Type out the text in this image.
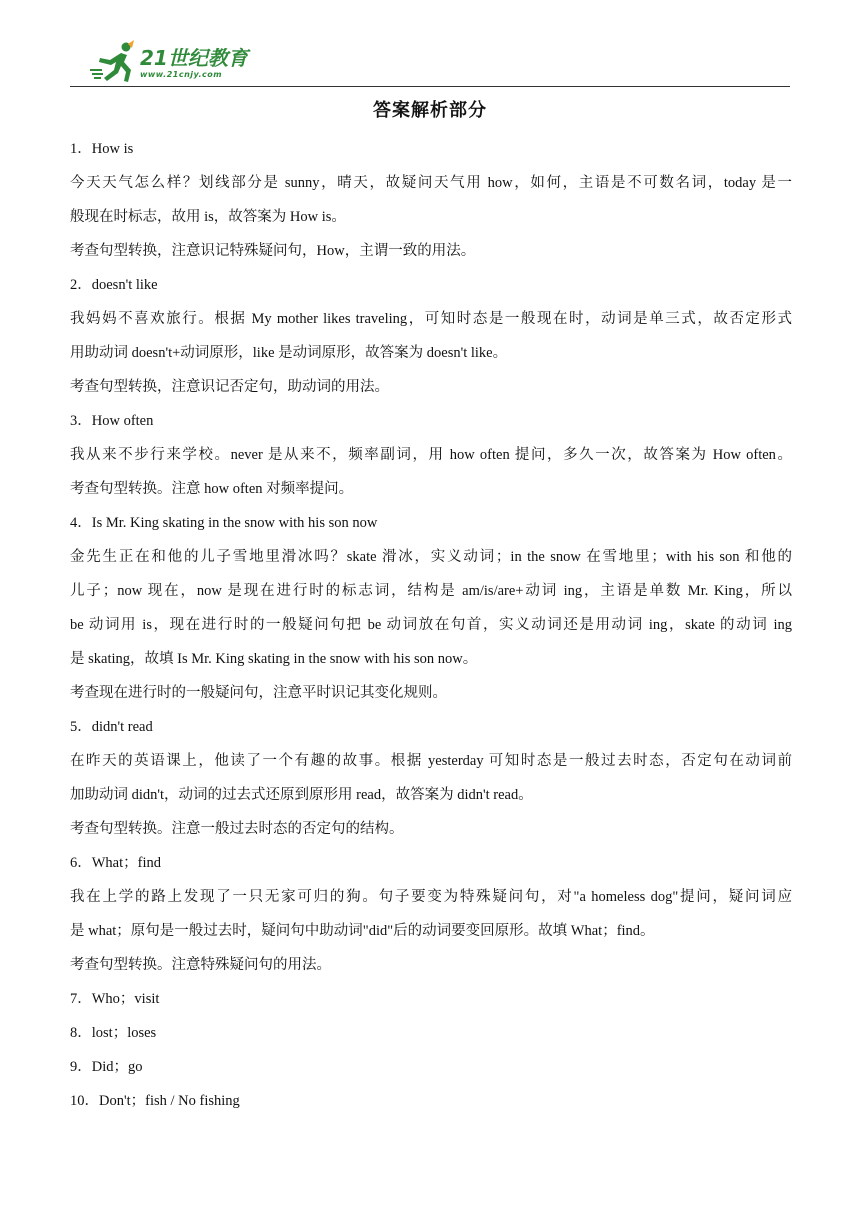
21世纪教育
www.21cnjy.com
答案解析部分
1．How is
今天天气怎么样？划线部分是 sunny，晴天，故疑问天气用 how，如何，主语是不可数名词，today 是一
般现在时标志，故用 is，故答案为 How is。
考查句型转换，注意识记特殊疑问句，How，主谓一致的用法。
2．doesn't like
我妈妈不喜欢旅行。根据 My mother likes traveling，可知时态是一般现在时，动词是单三式，故否定形式
用助动词 doesn't+动词原形，like 是动词原形，故答案为 doesn't like。
考查句型转换，注意识记否定句，助动词的用法。
3．How often
我从来不步行来学校。never 是从来不，频率副词，用 how often 提问，多久一次，故答案为 How often。
考查句型转换。注意 how often 对频率提问。
4．Is Mr. King skating in the snow with his son now
金先生正在和他的儿子雪地里滑冰吗？skate 滑冰，实义动词；in the snow 在雪地里；with his son 和他的
儿子；now 现在，now 是现在进行时的标志词，结构是 am/is/are+动词 ing，主语是单数 Mr. King，所以
be 动词用 is，现在进行时的一般疑问句把 be 动词放在句首，实义动词还是用动词 ing，skate 的动词 ing
是 skating，故填 Is Mr. King skating in the snow with his son now。
考查现在进行时的一般疑问句，注意平时识记其变化规则。
5．didn't read
在昨天的英语课上，他读了一个有趣的故事。根据 yesterday 可知时态是一般过去时态，否定句在动词前
加助动词 didn't，动词的过去式还原到原形用 read，故答案为 didn't read。
考查句型转换。注意一般过去时态的否定句的结构。
6．What；find
我在上学的路上发现了一只无家可归的狗。句子要变为特殊疑问句，对"a homeless dog"提问，疑问词应
是 what；原句是一般过去时，疑问句中助动词"did"后的动词要变回原形。故填 What；find。
考查句型转换。注意特殊疑问句的用法。
7．Who；visit
8．lost；loses
9．Did；go
10．Don't；fish / No fishing
